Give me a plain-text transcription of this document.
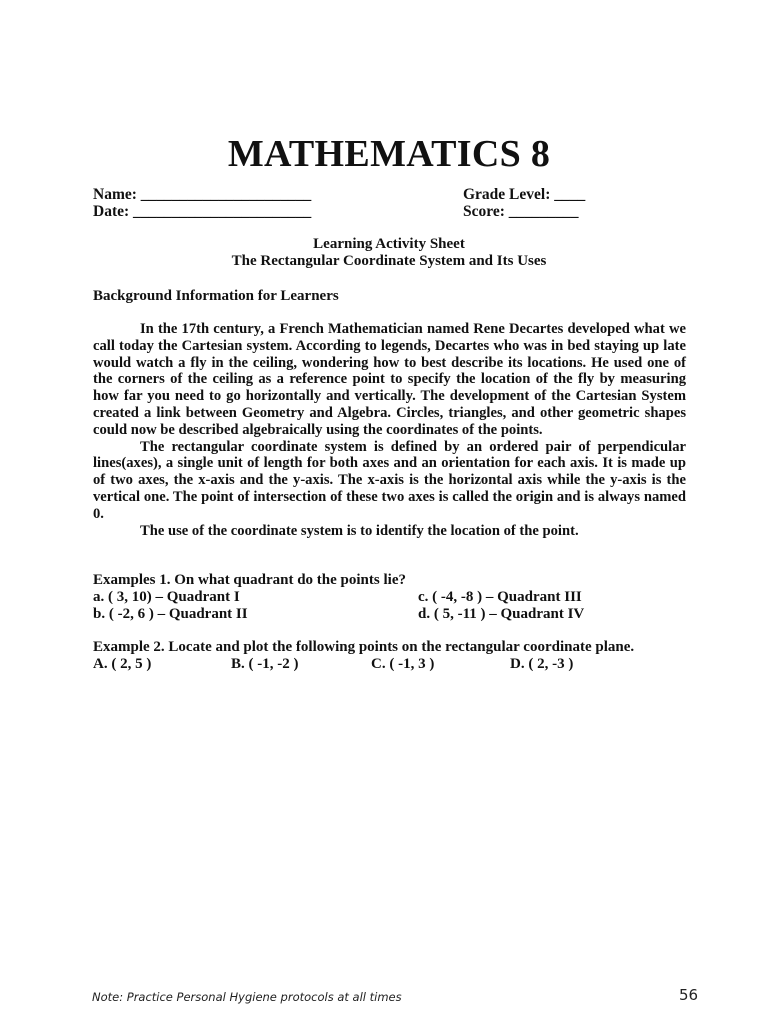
MATHEMATICS 8
Name: ______________________	Grade Level: ____
Date: _______________________	Score: _________
Learning Activity Sheet
The Rectangular Coordinate System and Its Uses
Background Information for Learners

In the 17th century, a French Mathematician named Rene Decartes developed what we call today the Cartesian system. According to legends, Decartes who was in bed staying up late would watch a fly in the ceiling, wondering how to best describe its locations. He used one of the corners of the ceiling as a reference point to specify the location of the fly by measuring how far you need to go horizontally and vertically. The development of the Cartesian System created a link between Geometry and Algebra. Circles, triangles, and other geometric shapes could now be described algebraically using the coordinates of the points.

The rectangular coordinate system is defined by an ordered pair of perpendicular lines(axes), a single unit of length for both axes and an orientation for each axis. It is made up of two axes, the x-axis and the y-axis. The x-axis is the horizontal axis while the y-axis is the vertical one. The point of intersection of these two axes is called the origin and is always named 0.

The use of the coordinate system is to identify the location of the point.

Examples 1. On what quadrant do the points lie?
a. ( 3, 10) – Quadrant I	c. ( -4, -8 ) – Quadrant III
b. ( -2, 6 ) – Quadrant II	d. ( 5, -11 ) – Quadrant IV
Example 2. Locate and plot the following points on the rectangular coordinate plane.
A. ( 2, 5 )	B. ( -1, -2 )	C. ( -1, 3 )	D. ( 2, -3 )
Note: Practice Personal Hygiene protocols at all times	56
